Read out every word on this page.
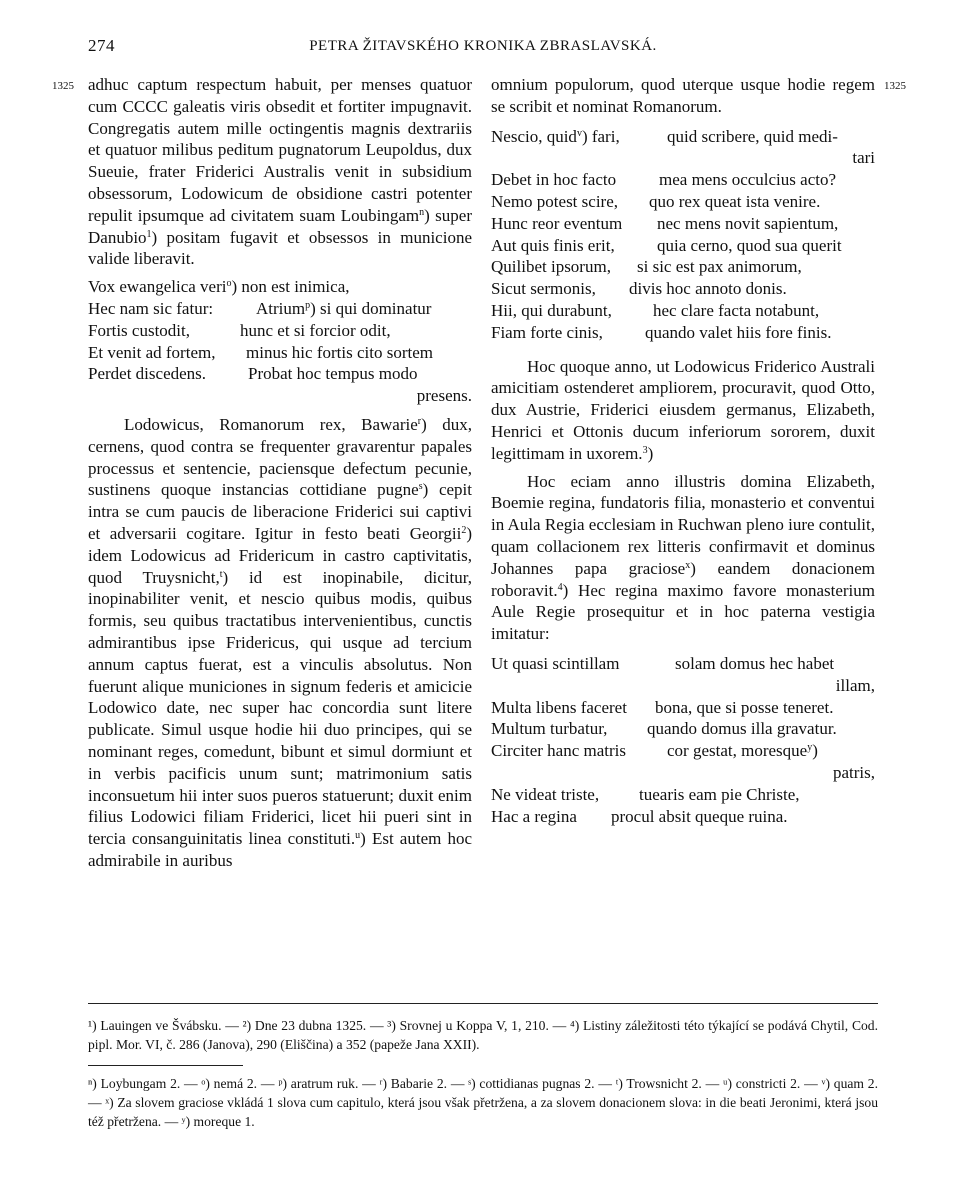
274	PETRA ŽITAVSKÉHO KRONIKA ZBRASLAVSKÁ.
1325	1325

adhuc captum respectum habuit, per menses quatuor cum CCCC galeatis viris obsedit et fortiter impugnavit. Congregatis autem mille octingentis magnis dextrariis et quatuor milibus peditum pugnatorum Leupoldus, dux Sueuie, frater Friderici Australis venit in subsidium obsessorum, Lodowicum de obsidione castri potenter repulit ipsumque ad civitatem suam Loubingam$^n$) super Danubio$^1$) positam fugavit et obsessos in municione valide liberavit.

Vox ewangelica veri$^o$) non est inimica,
Hec nam sic fatur:	Atrium$^p$) si qui dominatur
Fortis custodit,	hunc et si forcior odit,
Et venit ad fortem, minus hic fortis cito sortem
Perdet discedens. Probat hoc tempus modo
presens.

Lodowicus, Romanorum rex, Bawarie$^r$) dux, cernens, quod contra se frequenter gravarentur papales processus et sentencie, paciensque defectum pecunie, sustinens quoque instancias cottidiane pugne$^s$) cepit intra se cum paucis de liberacione Friderici sui captivi et adversarii cogitare. Igitur in festo beati Georgii$^2$) idem Lodowicus ad Fridericum in castro captivitatis, quod Truysnicht,$^t$) id est inopinabile, dicitur, inopinabiliter venit, et nescio quibus modis, quibus formis, seu quibus tractatibus intervenientibus, cunctis admirantibus ipse Fridericus, qui usque ad tercium annum captus fuerat, est a vinculis absolutus. Non fuerunt alique municiones in signum federis et amicicie Lodowico date, nec super hac concordia sunt litere publicate. Simul usque hodie hii duo principes, qui se nominant reges, comedunt, bibunt et simul dormiunt et in verbis pacificis unum sunt; matrimonium satis inconsuetum hii inter suos pueros statuerunt; duxit enim filius Lodowici filiam Friderici, licet hii pueri sint in tercia consanguinitatis linea constituti.$^u$) Est autem hoc admirabile in auribus

omnium populorum, quod uterque usque hodie regem se scribit et nominat Romanorum.

Nescio, quid$^v$) fari,	quid scribere, quid medi-
tari
Debet in hoc facto	mea mens occulcius acto?
Nemo potest scire, quo rex queat ista venire.
Hunc reor eventum nec mens novit sapientum,
Aut quis finis erit, quia cerno, quod sua querit
Quilibet ipsorum, si sic est pax animorum,
Sicut sermonis, divis hoc annoto donis.
Hii, qui durabunt, hec clare facta notabunt,
Fiam forte cinis, quando valet hiis fore finis.

Hoc quoque anno, ut Lodowicus Friderico Australi amicitiam ostenderet ampliorem, procuravit, quod Otto, dux Austrie, Friderici eiusdem germanus, Elizabeth, Henrici et Ottonis ducum inferiorum sororem, duxit legittimam in uxorem.$^3$)

Hoc eciam anno illustris domina Elizabeth, Boemie regina, fundatoris filia, monasterio et conventui in Aula Regia ecclesiam in Ruchwan pleno iure contulit, quam collacionem rex litteris confirmavit et dominus Johannes papa graciose$^x$) eandem donacionem roboravit.$^4$) Hec regina maximo favore monasterium Aule Regie prosequitur et in hoc paterna vestigia imitatur:

Ut quasi scintillam	solam domus hec habet
illam,
Multa libens faceret bona, que si posse teneret.
Multum turbatur, quando domus illa gravatur.
Circiter hanc matris cor gestat, moresque$^y$)
patris,
Ne videat triste, tuearis eam pie Christe,
Hac a regina procul absit queque ruina.

¹) Lauingen ve Švábsku. — ²) Dne 23 dubna 1325. — ³) Srovnej u Koppa V, 1, 210. — ⁴) Listiny záležitosti této týkající se podává Chytil, Cod. pipl. Mor. VI, č. 286 (Janova), 290 (Eliščina) a 352 (papeže Jana XXII).

ⁿ) Loybungam 2. — ᵒ) nemá 2. — ᵖ) aratrum ruk. — ʳ) Babarie 2. — ˢ) cottidianas pugnas 2. — ᵗ) Trowsnicht 2. — ᵘ) constricti 2. — ᵛ) quam 2. — ˣ) Za slovem graciose vkládá 1 slova cum capitulo, která jsou však přetržena, a za slovem donacionem slova: in die beati Jeronimi, která jsou též přetržena. — ʸ) moreque 1.
